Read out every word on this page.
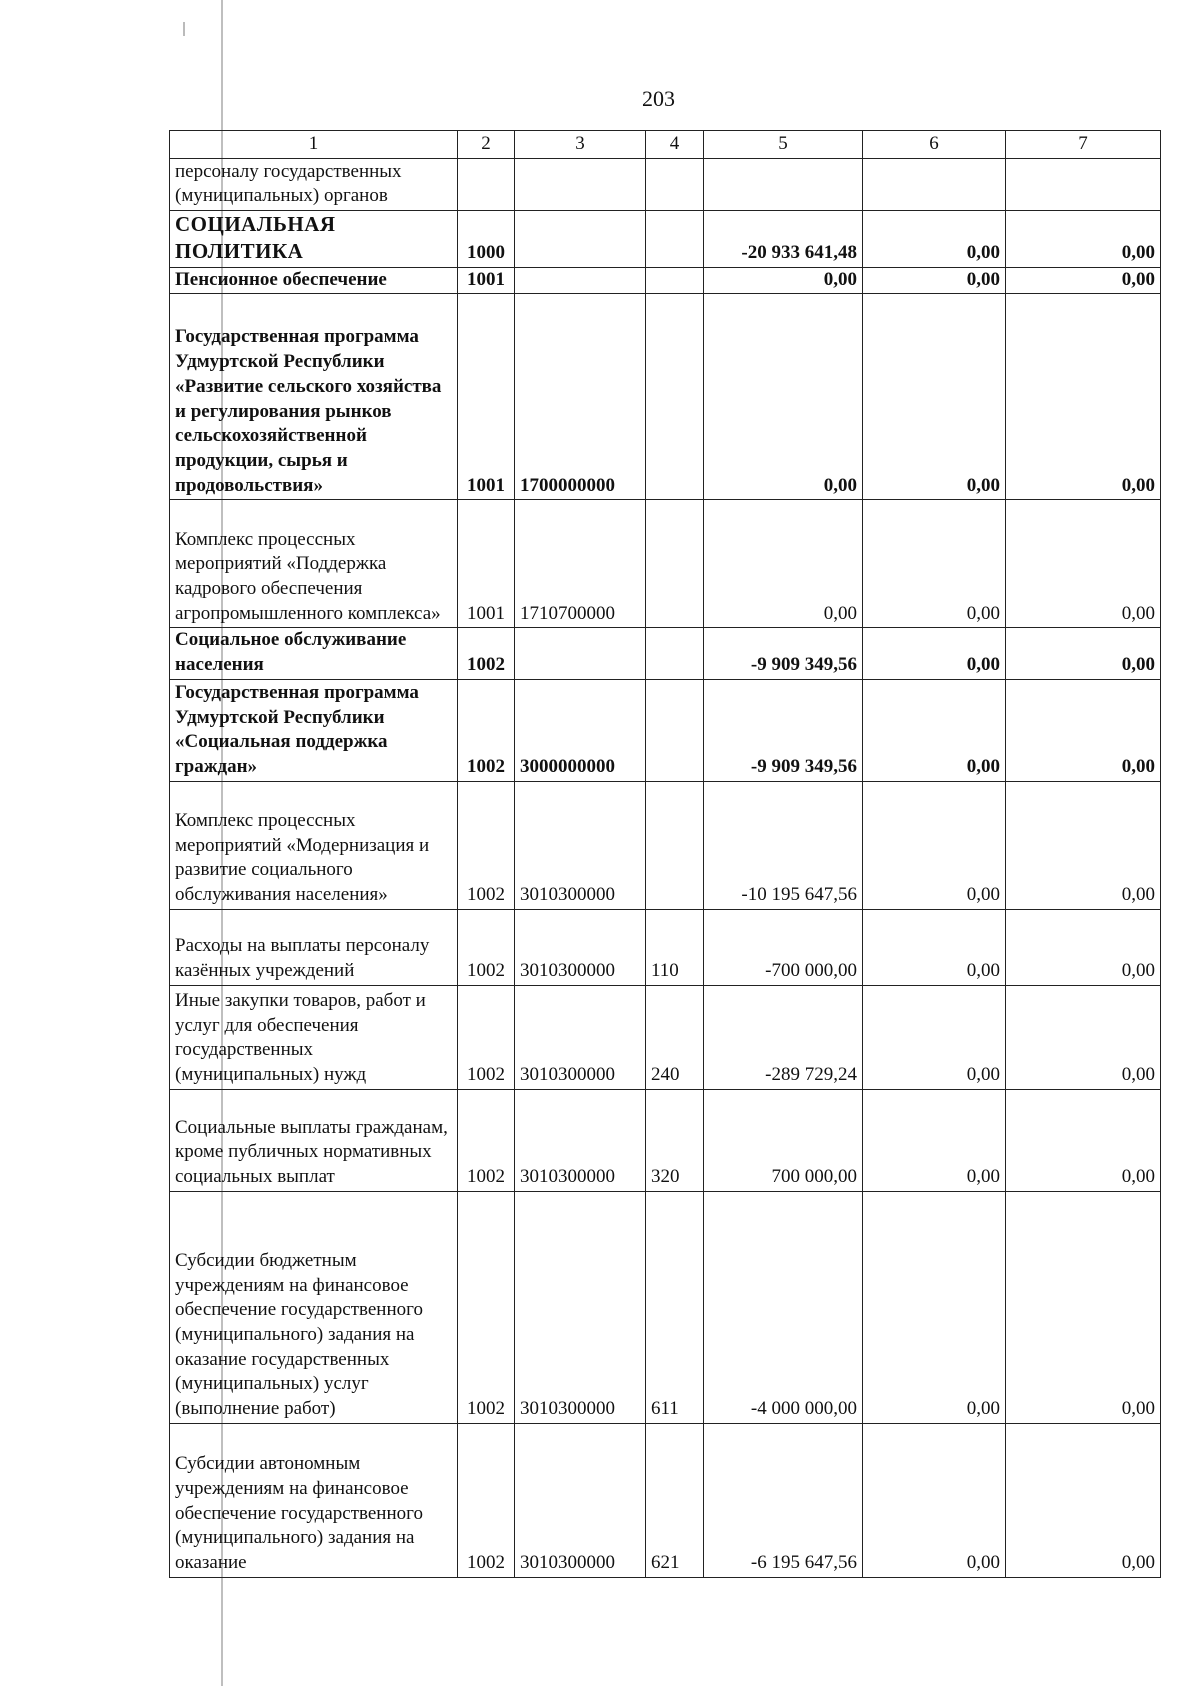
203
1	2	3	4	5	6	7
персоналу государственных (муниципальных) органов						
СОЦИАЛЬНАЯ ПОЛИТИКА	1000			-20 933 641,48	0,00	0,00
Пенсионное обеспечение	1001			0,00	0,00	0,00
Государственная программа Удмуртской Республики «Развитие сельского хозяйства и регулирования рынков сельскохозяйственной продукции, сырья и продовольствия»	1001	1700000000		0,00	0,00	0,00
Комплекс процессных мероприятий «Поддержка кадрового обеспечения агропромышленного комплекса»	1001	1710700000		0,00	0,00	0,00
Социальное обслуживание населения	1002			-9 909 349,56	0,00	0,00
Государственная программа Удмуртской Республики «Социальная поддержка граждан»	1002	3000000000		-9 909 349,56	0,00	0,00
Комплекс процессных мероприятий «Модернизация и развитие социального обслуживания населения»	1002	3010300000		-10 195 647,56	0,00	0,00
Расходы на выплаты персоналу казённых учреждений	1002	3010300000	110	-700 000,00	0,00	0,00
Иные закупки товаров, работ и услуг для обеспечения государственных (муниципальных) нужд	1002	3010300000	240	-289 729,24	0,00	0,00
Социальные выплаты гражданам, кроме публичных нормативных социальных выплат	1002	3010300000	320	700 000,00	0,00	0,00
Субсидии бюджетным учреждениям на финансовое обеспечение государственного (муниципального) задания на оказание государственных (муниципальных) услуг (выполнение работ)	1002	3010300000	611	-4 000 000,00	0,00	0,00
Субсидии автономным учреждениям на финансовое обеспечение государственного (муниципального) задания на оказание	1002	3010300000	621	-6 195 647,56	0,00	0,00
